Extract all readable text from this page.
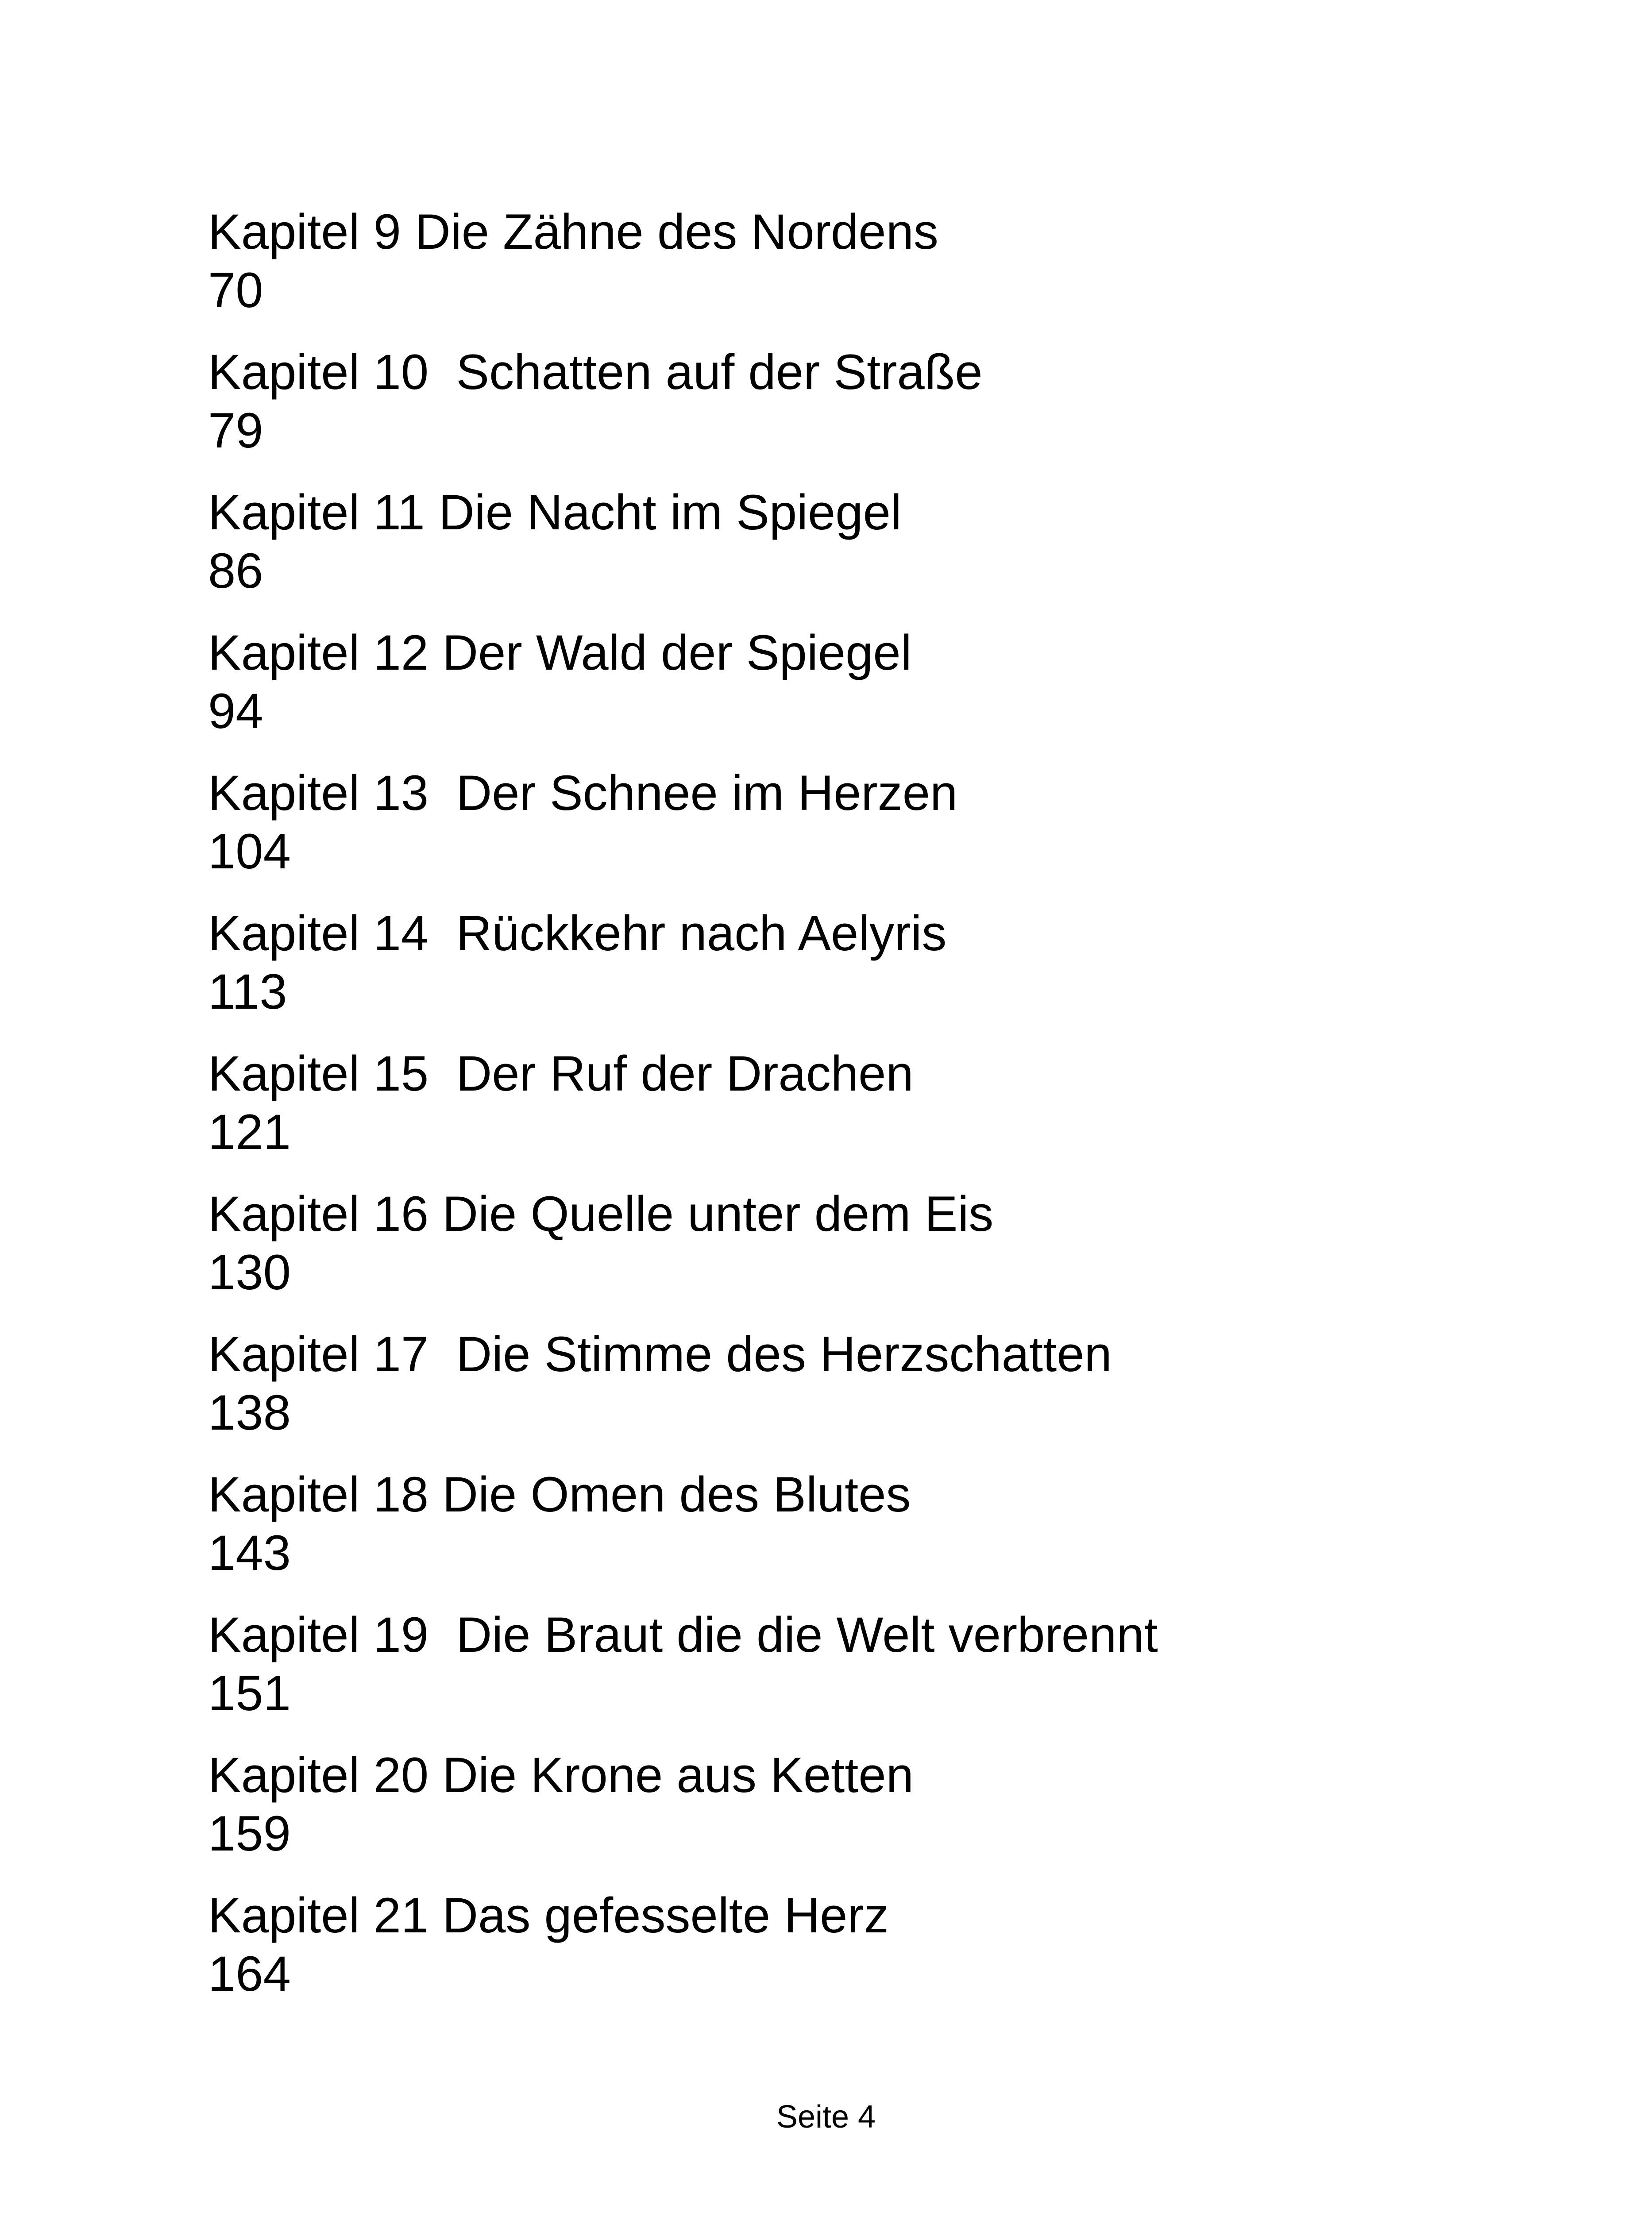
Kapitel 9 Die Zähne des Nordens
70
Kapitel 10  Schatten auf der Straße
79
Kapitel 11 Die Nacht im Spiegel
86
Kapitel 12 Der Wald der Spiegel
94
Kapitel 13  Der Schnee im Herzen
104
Kapitel 14  Rückkehr nach Aelyris
113
Kapitel 15  Der Ruf der Drachen
121
Kapitel 16 Die Quelle unter dem Eis
130
Kapitel 17  Die Stimme des Herzschatten
138
Kapitel 18 Die Omen des Blutes
143
Kapitel 19  Die Braut die die Welt verbrennt
151
Kapitel 20 Die Krone aus Ketten
159
Kapitel 21 Das gefesselte Herz
164
Seite 4
